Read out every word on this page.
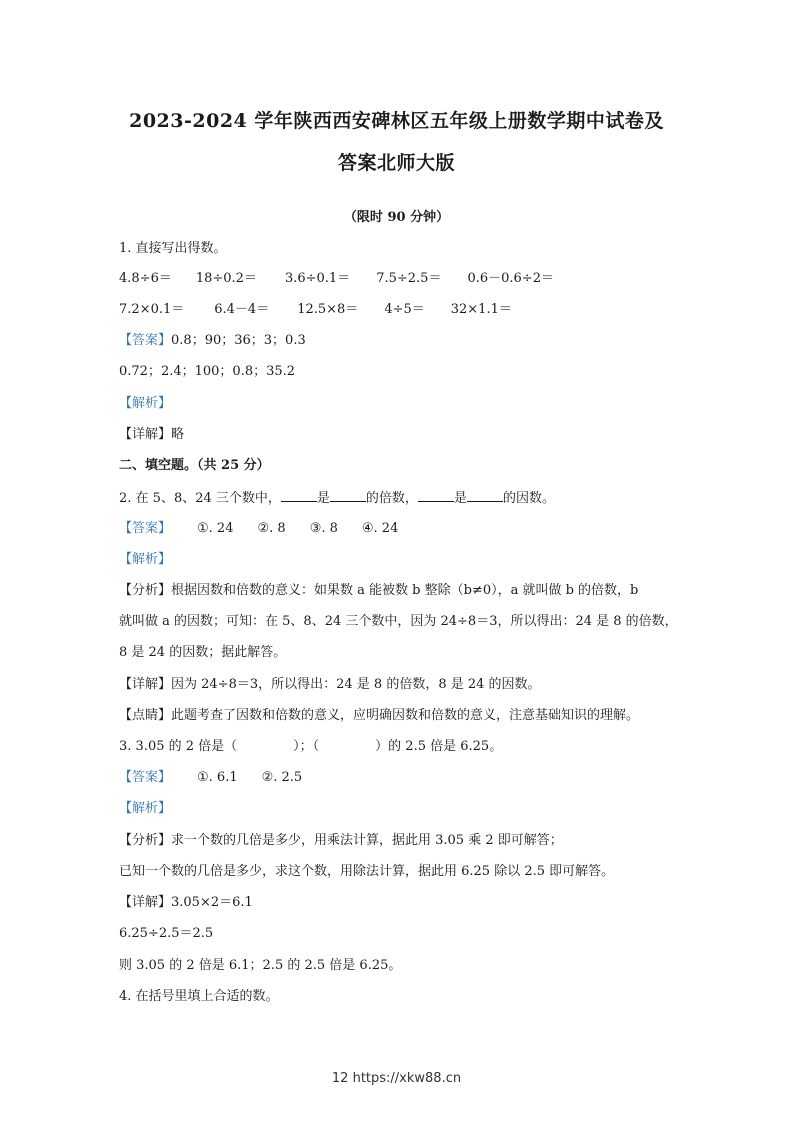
2023-2024 学年陕西西安碑林区五年级上册数学期中试卷及
答案北师大版
（限时 90 分钟）
1. 直接写出得数。
4.8÷6＝ 18÷0.2＝ 3.6÷0.1＝ 7.5÷2.5＝ 0.6－0.6÷2＝
7.2×0.1＝ 6.4－4＝ 12.5×8＝ 4÷5＝ 32×1.1＝
【答案】0.8；90；36；3；0.3
0.72；2.4；100；0.8；35.2
【解析】
【详解】略
二、填空题。（共 25 分）
2. 在 5、8、24 三个数中，	是	的倍数，	是	的因数。
【答案】 ①. 24 ②. 8 ③. 8 ④. 24
【解析】
【分析】根据因数和倍数的意义：如果数 a 能被数 b 整除（b≠0），a 就叫做 b 的倍数，b
就叫做 a 的因数；可知：在 5、8、24 三个数中，因为 24÷8＝3，所以得出：24 是 8 的倍数，
8 是 24 的因数；据此解答。
【详解】因为 24÷8＝3，所以得出：24 是 8 的倍数，8 是 24 的因数。
【点睛】此题考查了因数和倍数的意义，应明确因数和倍数的意义，注意基础知识的理解。
3. 3.05 的 2 倍是（	）；（	）的 2.5 倍是 6.25。
【答案】 ①. 6.1 ②. 2.5
【解析】
【分析】求一个数的几倍是多少，用乘法计算，据此用 3.05 乘 2 即可解答；
已知一个数的几倍是多少，求这个数，用除法计算，据此用 6.25 除以 2.5 即可解答。
【详解】3.05×2＝6.1
6.25÷2.5＝2.5
则 3.05 的 2 倍是 6.1；2.5 的 2.5 倍是 6.25。
4. 在括号里填上合适的数。
12 https://xkw88.cn
